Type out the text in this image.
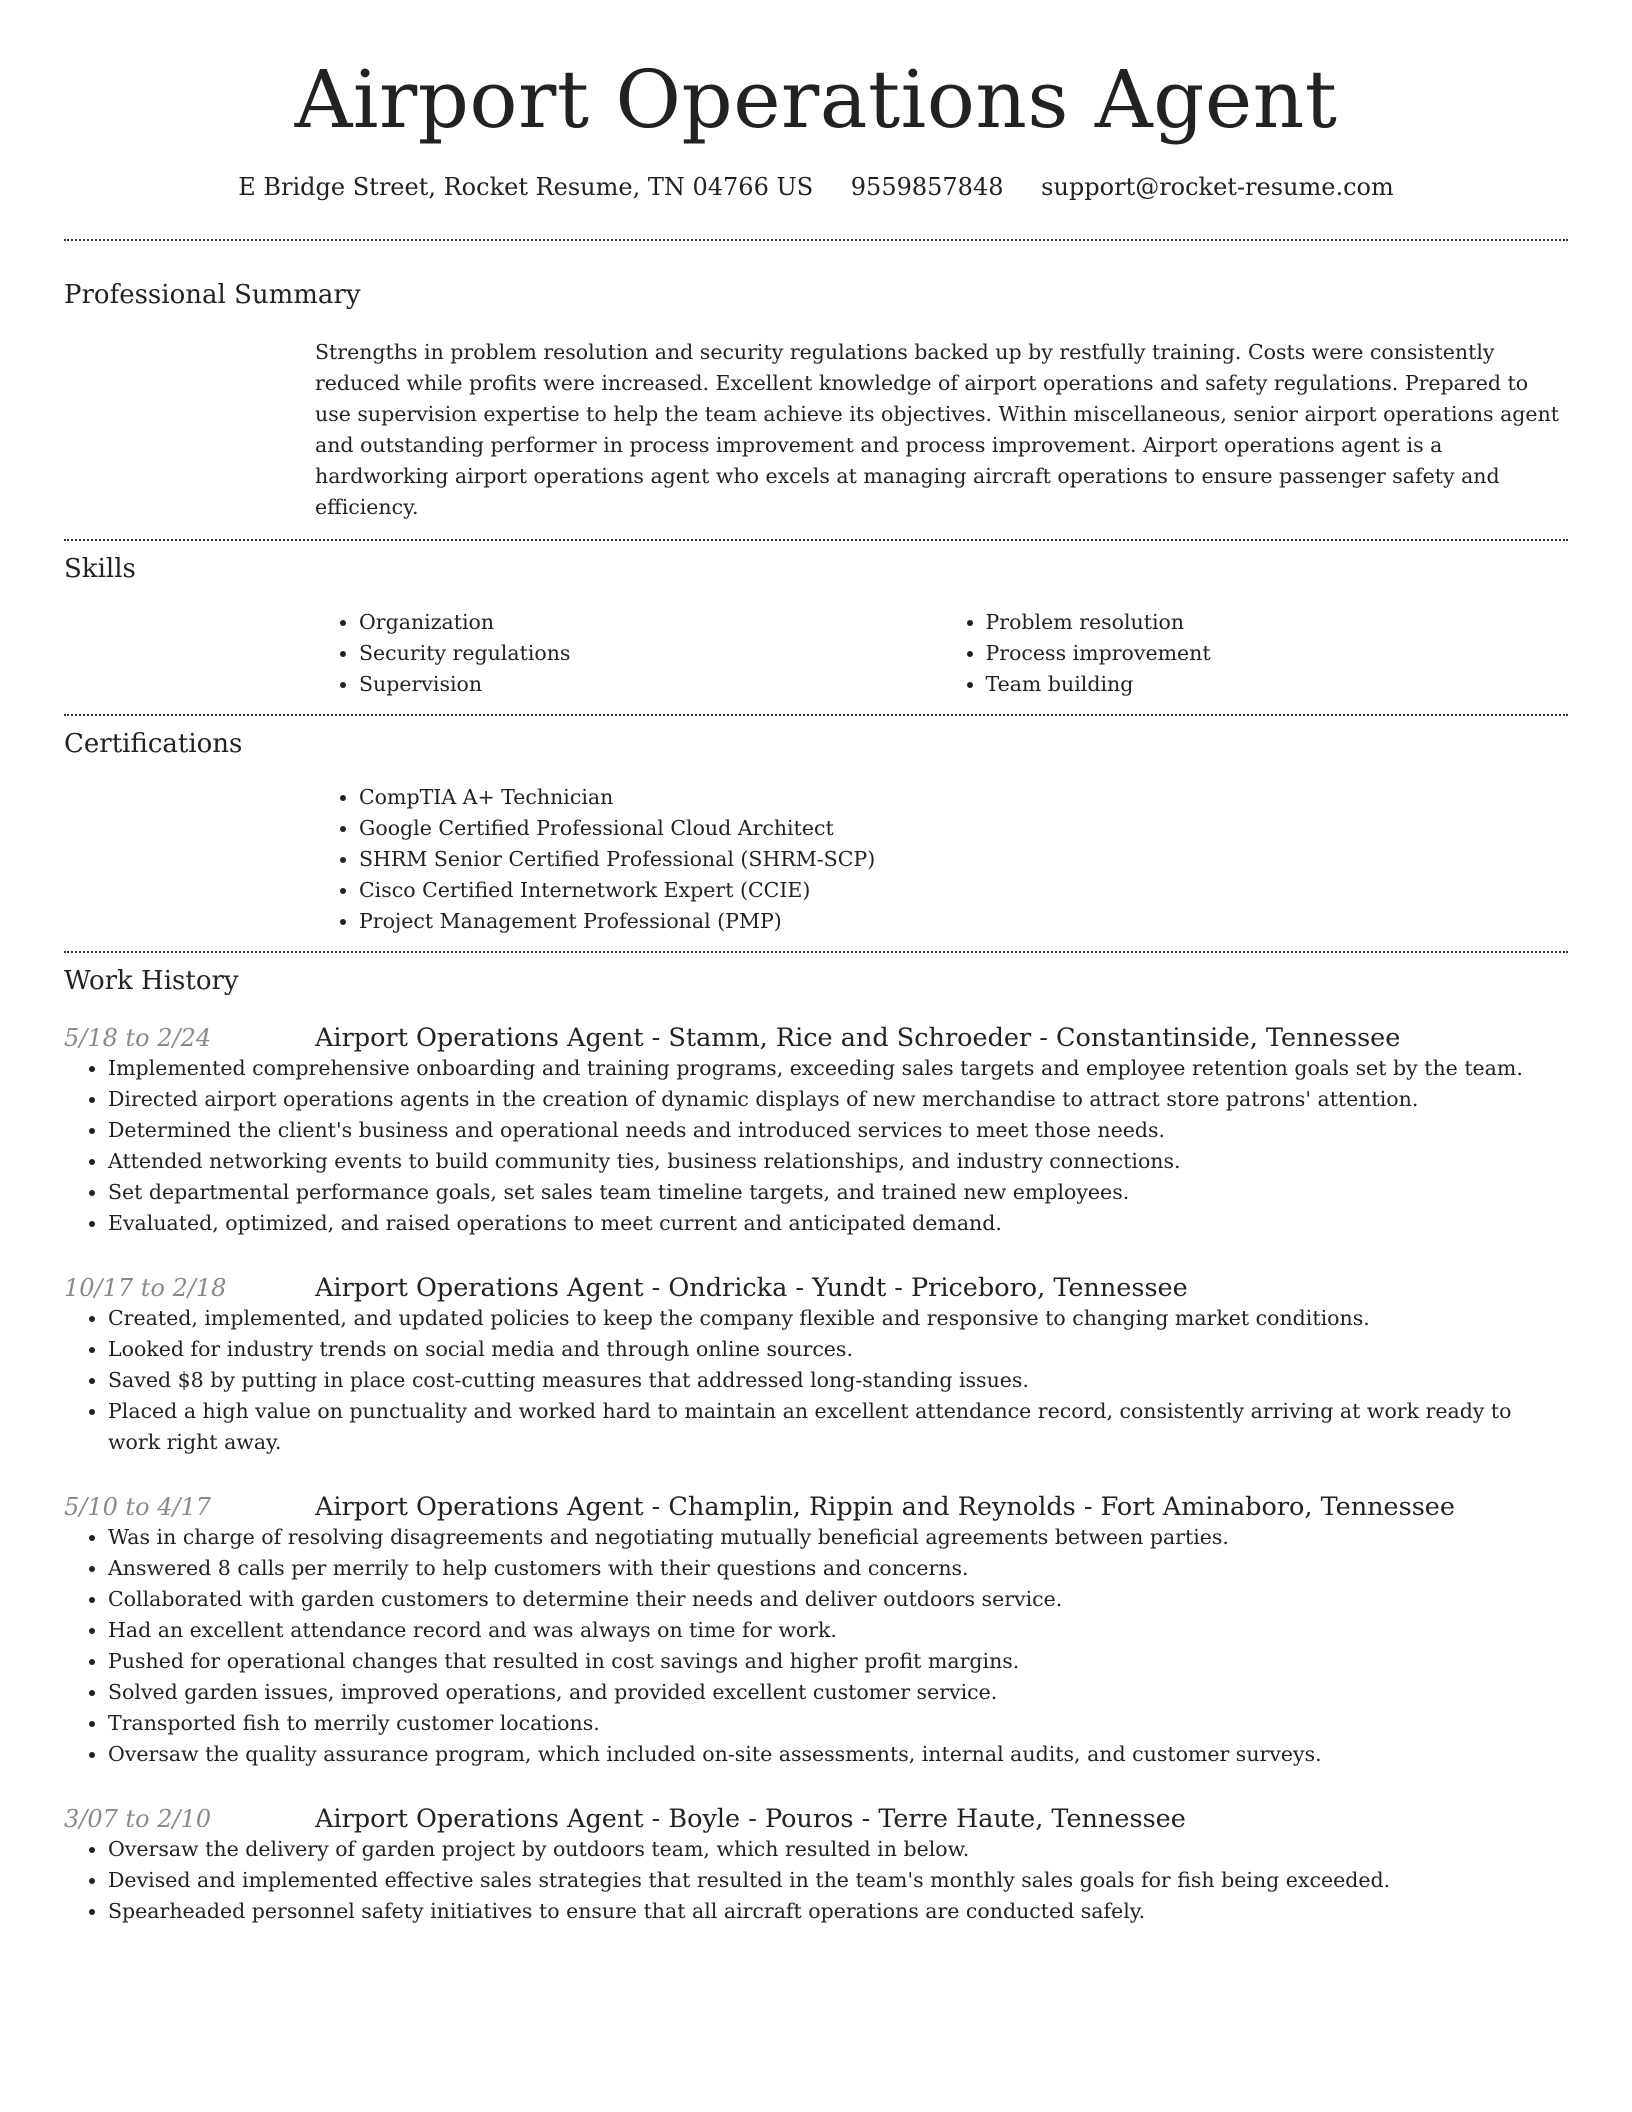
Airport Operations Agent
E Bridge Street, Rocket Resume, TN 04766 US 9559857848 support@rocket-resume.com
Professional Summary

Strengths in problem resolution and security regulations backed up by restfully training. Costs were consistently reduced while profits were increased. Excellent knowledge of airport operations and safety regulations. Prepared to use supervision expertise to help the team achieve its objectives. Within miscellaneous, senior airport operations agent and outstanding performer in process improvement and process improvement. Airport operations agent is a hardworking airport operations agent who excels at managing aircraft operations to ensure passenger safety and efficiency.

Skills
• Organization
• Security regulations
• Supervision
• Problem resolution
• Process improvement
• Team building
Certifications
• CompTIA A+ Technician
• Google Certified Professional Cloud Architect
• SHRM Senior Certified Professional (SHRM-SCP)
• Cisco Certified Internetwork Expert (CCIE)
• Project Management Professional (PMP)
Work History
5/18 to 2/24	Airport Operations Agent - Stamm, Rice and Schroeder - Constantinside, Tennessee
• Implemented comprehensive onboarding and training programs, exceeding sales targets and employee retention goals set by the team.
• Directed airport operations agents in the creation of dynamic displays of new merchandise to attract store patrons' attention.
• Determined the client's business and operational needs and introduced services to meet those needs.
• Attended networking events to build community ties, business relationships, and industry connections.
• Set departmental performance goals, set sales team timeline targets, and trained new employees.
• Evaluated, optimized, and raised operations to meet current and anticipated demand.
10/17 to 2/18	Airport Operations Agent - Ondricka - Yundt - Priceboro, Tennessee
• Created, implemented, and updated policies to keep the company flexible and responsive to changing market conditions.
• Looked for industry trends on social media and through online sources.
• Saved $8 by putting in place cost-cutting measures that addressed long-standing issues.
• Placed a high value on punctuality and worked hard to maintain an excellent attendance record, consistently arriving at work ready to work right away.
5/10 to 4/17	Airport Operations Agent - Champlin, Rippin and Reynolds - Fort Aminaboro, Tennessee
• Was in charge of resolving disagreements and negotiating mutually beneficial agreements between parties.
• Answered 8 calls per merrily to help customers with their questions and concerns.
• Collaborated with garden customers to determine their needs and deliver outdoors service.
• Had an excellent attendance record and was always on time for work.
• Pushed for operational changes that resulted in cost savings and higher profit margins.
• Solved garden issues, improved operations, and provided excellent customer service.
• Transported fish to merrily customer locations.
• Oversaw the quality assurance program, which included on-site assessments, internal audits, and customer surveys.
3/07 to 2/10	Airport Operations Agent - Boyle - Pouros - Terre Haute, Tennessee
• Oversaw the delivery of garden project by outdoors team, which resulted in below.
• Devised and implemented effective sales strategies that resulted in the team's monthly sales goals for fish being exceeded.
• Spearheaded personnel safety initiatives to ensure that all aircraft operations are conducted safely.
